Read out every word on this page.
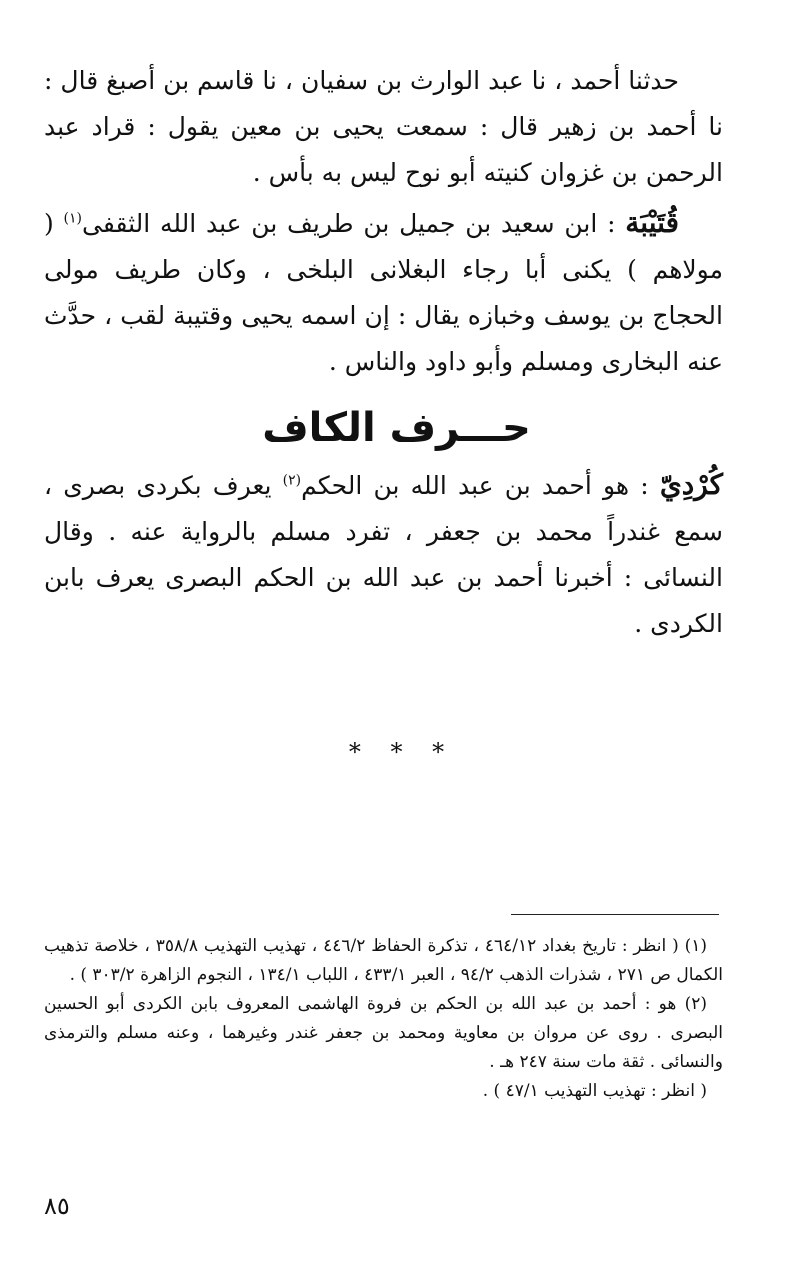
حدثنا أحمد ، نا عبد الوارث بن سفيان ، نا قاسم بن أصبغ قال : نا أحمد بن زهير قال : سمعت يحيى بن معين يقول : قراد عبد الرحمن بن غزوان كنيته أبو نوح ليس به بأس .

قُتَيْبَة : ابن سعيد بن جميل بن طريف بن عبد الله الثقفى$^{(١)}$ ( مولاهم ) يكنى أبا رجاء البغلانى البلخى ، وكان طريف مولى الحجاج بن يوسف وخبازه يقال : إن اسمه يحيى وقتيبة لقب ، حدَّث عنه البخارى ومسلم وأبو داود والناس .

حـــرف الكاف

كُرْدِيّ : هو أحمد بن عبد الله بن الحكم$^{(٢)}$ يعرف بكردى بصرى ، سمع غندراً محمد بن جعفر ، تفرد مسلم بالرواية عنه . وقال النسائى : أخبرنا أحمد بن عبد الله بن الحكم البصرى يعرف بابن الكردى .

* * *

(١) ( انظر : تاريخ بغداد ٤٦٤/١٢ ، تذكرة الحفاظ ٤٤٦/٢ ، تهذيب التهذيب ٣٥٨/٨ ، خلاصة تذهيب الكمال ص ٢٧١ ، شذرات الذهب ٩٤/٢ ، العبر ٤٣٣/١ ، اللباب ١٣٤/١ ، النجوم الزاهرة ٣٠٣/٢ ) .

(٢) هو : أحمد بن عبد الله بن الحكم بن فروة الهاشمى المعروف بابن الكردى أبو الحسين البصرى . روى عن مروان بن معاوية ومحمد بن جعفر غندر وغيرهما ، وعنه مسلم والترمذى والنسائى . ثقة مات سنة ٢٤٧ هـ .

( انظر : تهذيب التهذيب ٤٧/١ ) .

٨٥
